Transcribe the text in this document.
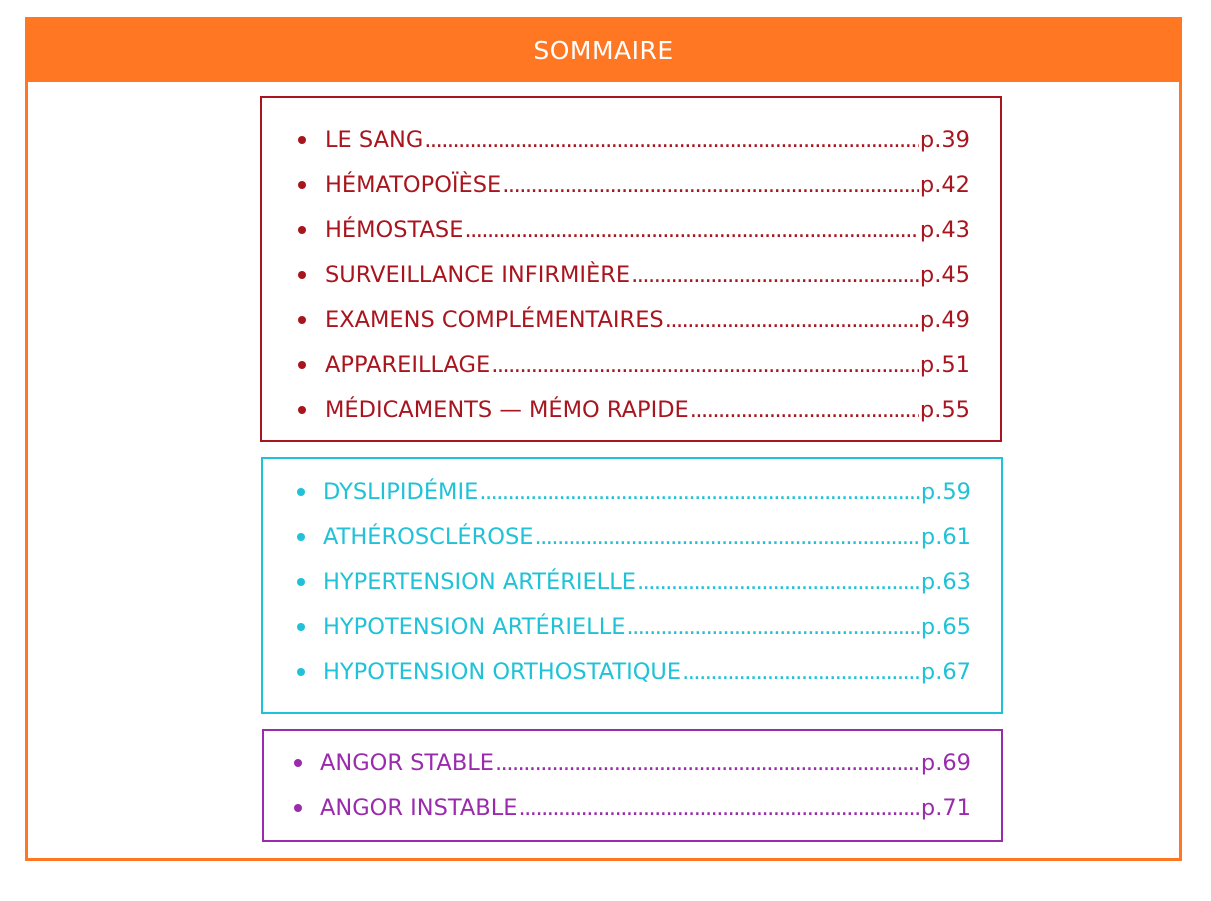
SOMMAIRE
LE SANG .....	p.39
HÉMATOPOÏÈSE .....	p.42
HÉMOSTASE .....	p.43
SURVEILLANCE INFIRMIÈRE .....	p.45
EXAMENS COMPLÉMENTAIRES .....	p.49
APPAREILLAGE .....	p.51
MÉDICAMENTS — MÉMO RAPIDE .....	p.55
DYSLIPIDÉMIE .....	p.59
ATHÉROSCLÉROSE .....	p.61
HYPERTENSION ARTÉRIELLE .....	p.63
HYPOTENSION ARTÉRIELLE .....	p.65
HYPOTENSION ORTHOSTATIQUE .....	p.67
ANGOR STABLE .....	p.69
ANGOR INSTABLE .....	p.71
